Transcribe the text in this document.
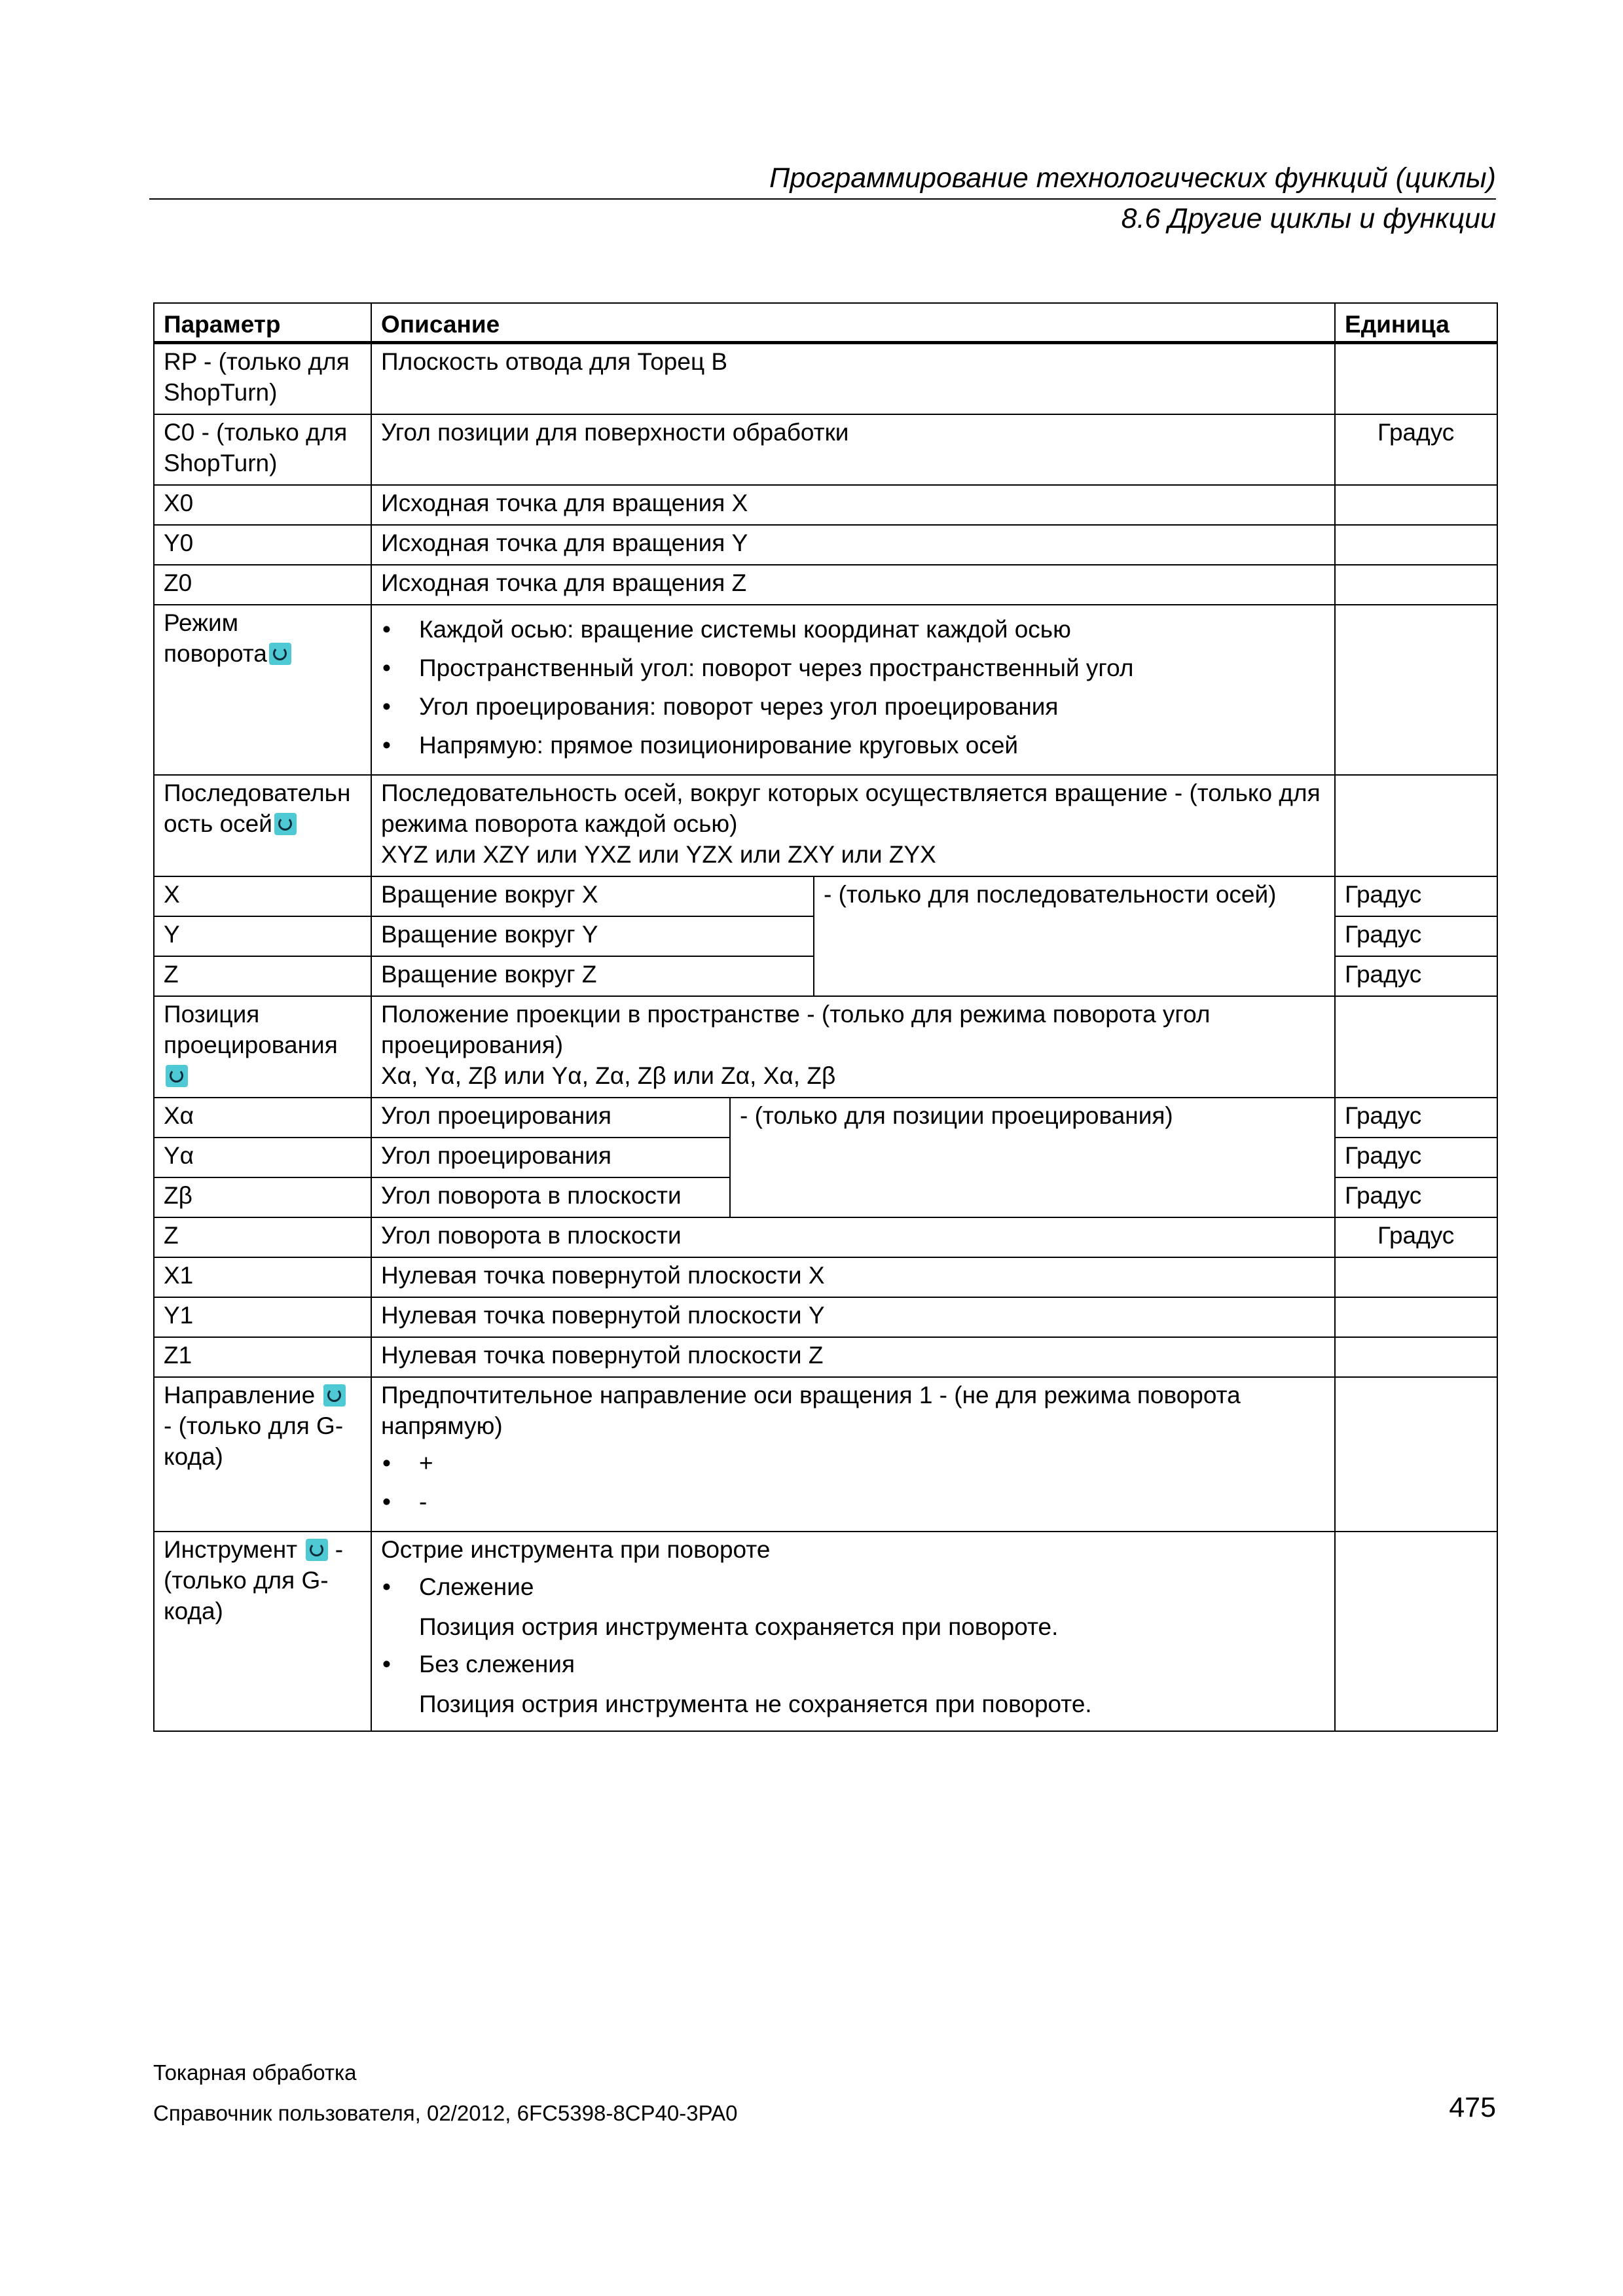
Программирование технологических функций (циклы)
8.6 Другие циклы и функции
Параметр	Описание			Единица
RP - (только для ShopTurn)	Плоскость отвода для Торец B			
C0 - (только для ShopTurn)	Угол позиции для поверхности обработки			Градус
X0	Исходная точка для вращения X			
Y0	Исходная точка для вращения Y			
Z0	Исходная точка для вращения Z			

Режим
поворота	• Каждой осью: вращение системы координат каждой осью
• Пространственный угол: поворот через пространственный угол
• Угол проецирования: поворот через угол проецирования
• Напрямую: прямое позиционирование круговых осей

Последовательн
ость осей	Последовательность осей, вокруг которых осуществляется вращение - (только для режима поворота каждой осью)
XYZ или XZY или YXZ или YZX или ZXY или ZYX			

X	Вращение вокруг X		- (только для последовательности осей)	Градус
Y	Вращение вокруг Y			Градус
Z	Вращение вокруг Z			Градус

Позиция
проецирования	Положение проекции в пространстве - (только для режима поворота угол проецирования)
Xα, Yα, Zβ или Yα, Zα, Zβ или Zα, Xα, Zβ			

Xα	Угол проецирования	- (только для позиции проецирования)		Градус
Yα	Угол проецирования			Градус
Zβ	Угол поворота в плоскости			Градус
Z	Угол поворота в плоскости			Градус
X1	Нулевая точка повернутой плоскости X			
Y1	Нулевая точка повернутой плоскости Y			
Z1	Нулевая точка повернутой плоскости Z			
Направление
- (только для G-кода)	Предпочтительное направление оси вращения 1 - (не для режима поворота напрямую)
• +
• -

Инструмент -
(только для G-кода)	Острие инструмента при повороте
• Слежение
Позиция острия инструмента сохраняется при повороте.
• Без слежения
Позиция острия инструмента не сохраняется при повороте.

Токарная обработка
Справочник пользователя, 02/2012, 6FC5398-8CP40-3PA0	475
